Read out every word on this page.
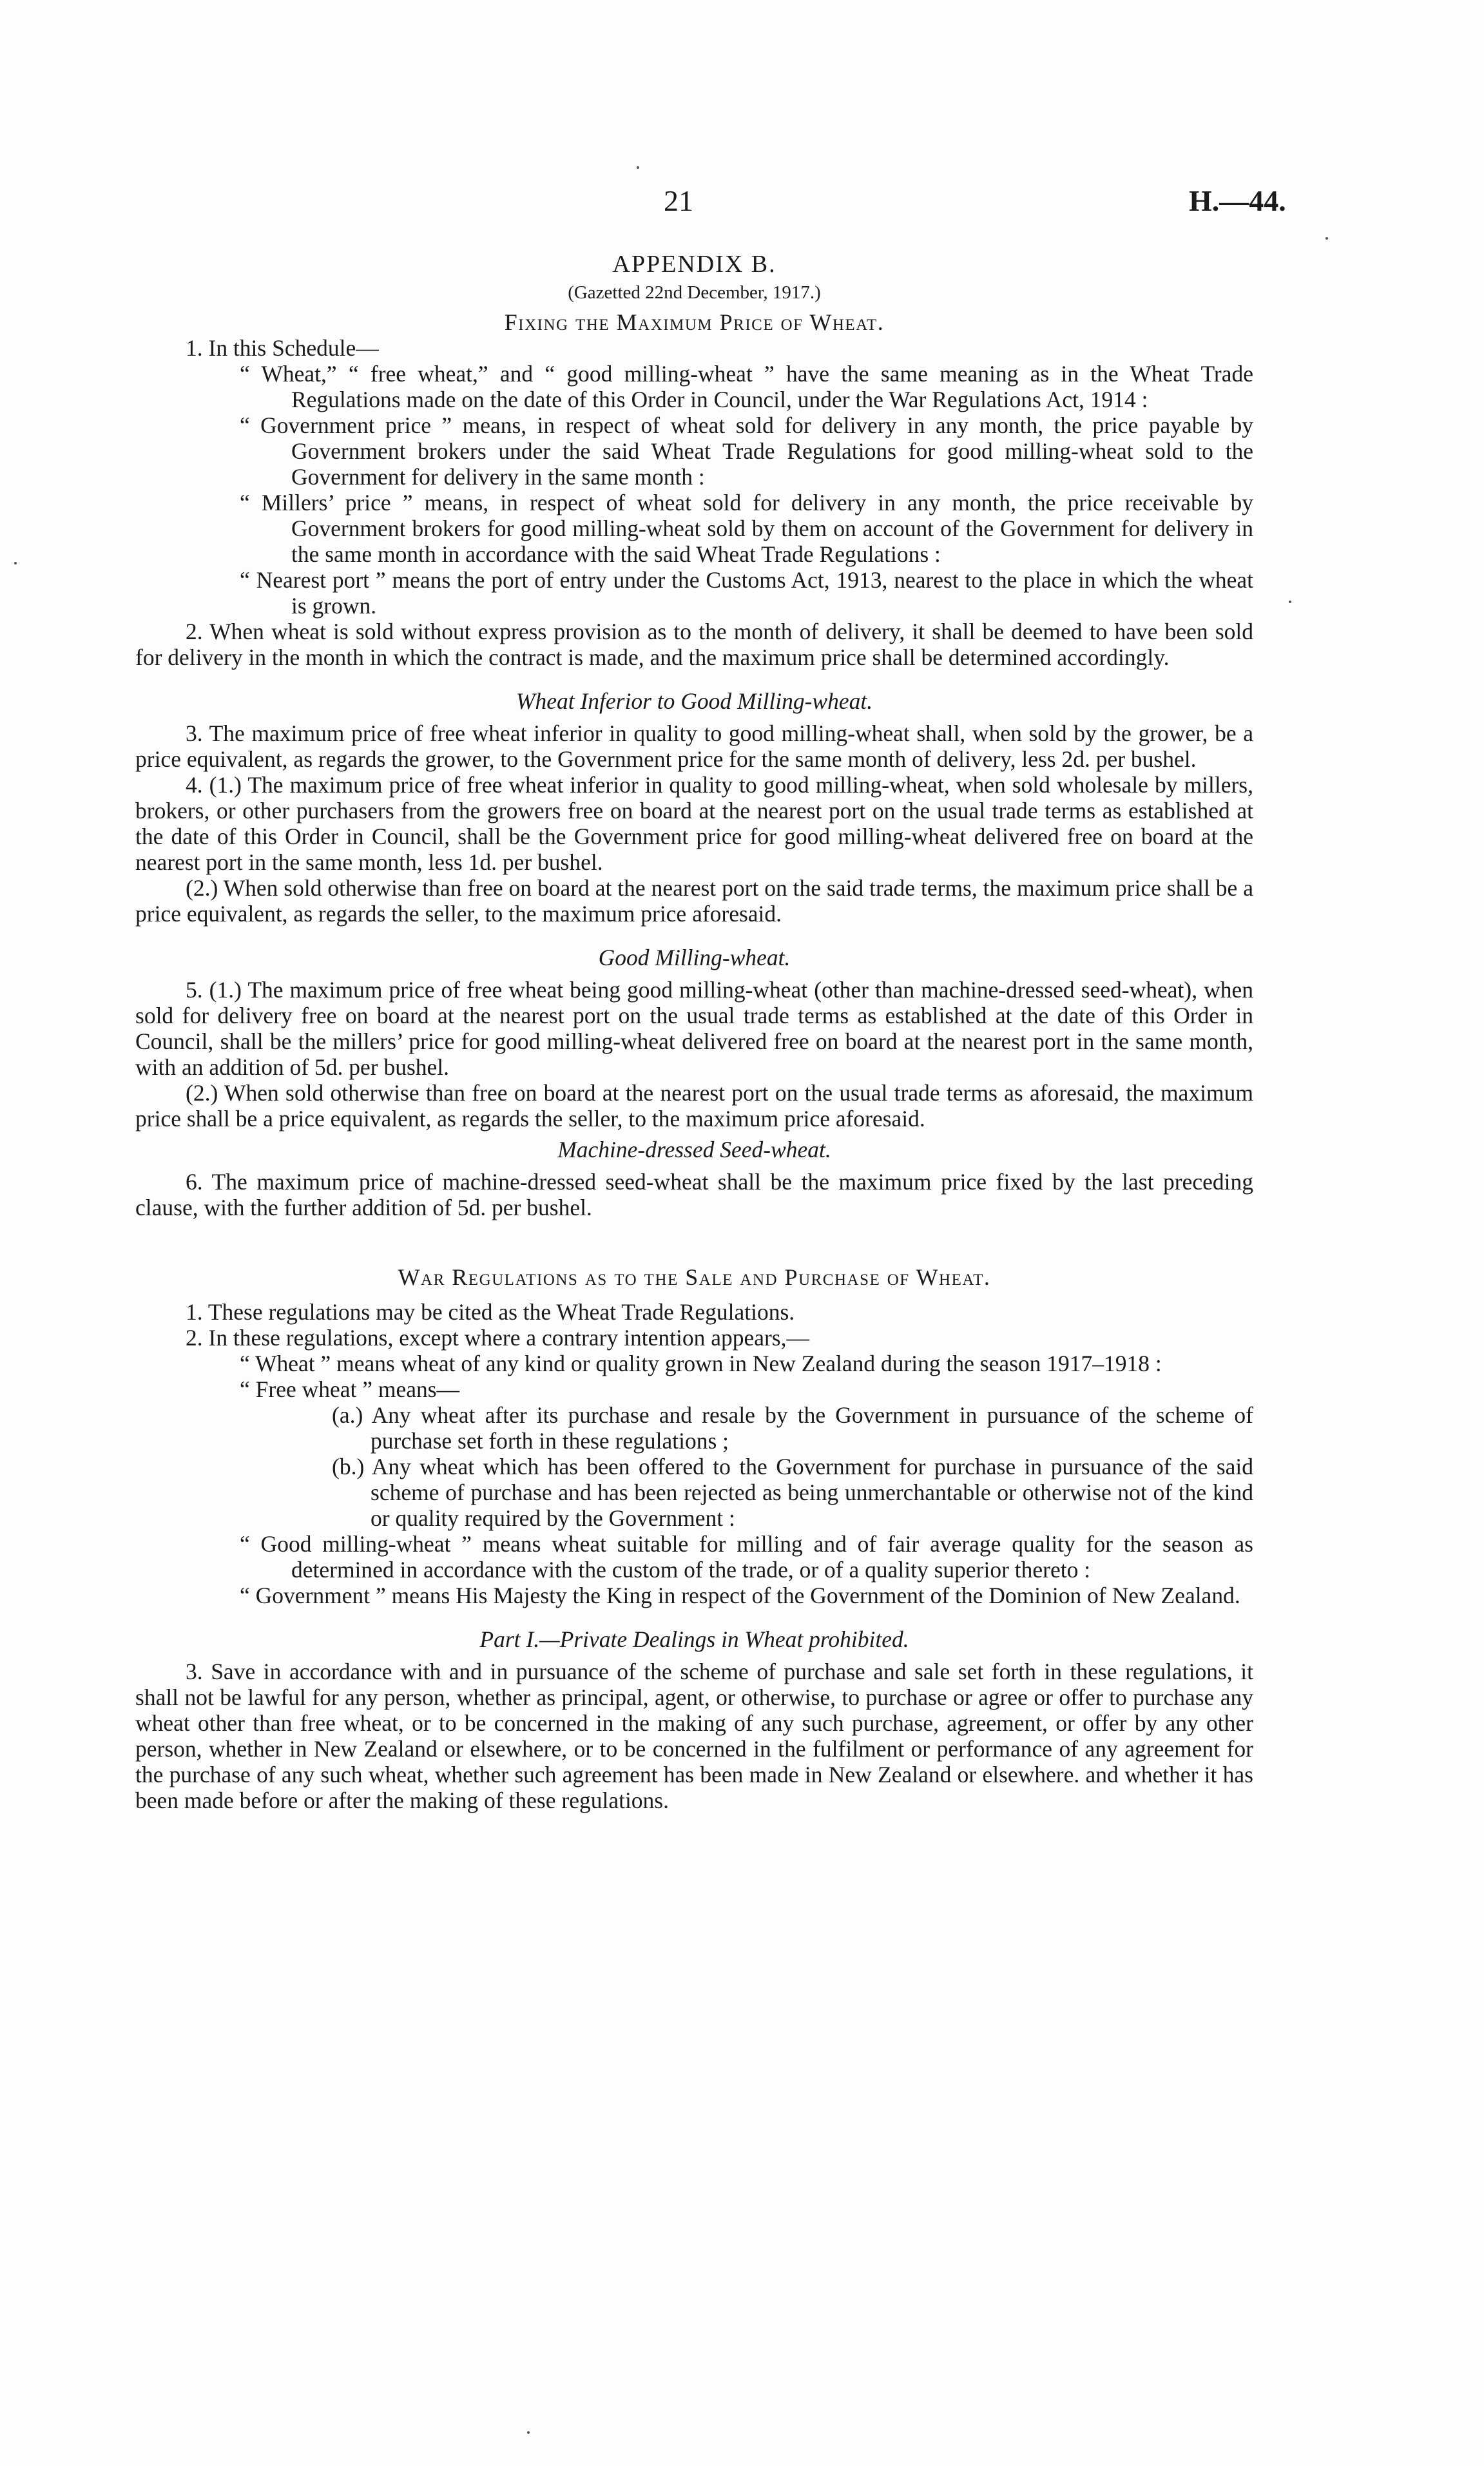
21	H.—44.

APPENDIX B.

(Gazetted 22nd December, 1917.)

Fixing the Maximum Price of Wheat.

1. In this Schedule—

“ Wheat,” “ free wheat,” and “ good milling-wheat ” have the same meaning as in the Wheat Trade Regulations made on the date of this Order in Council, under the War Regulations Act, 1914 :

“ Government price ” means, in respect of wheat sold for delivery in any month, the price payable by Government brokers under the said Wheat Trade Regulations for good milling-wheat sold to the Government for delivery in the same month :

“ Millers’ price ” means, in respect of wheat sold for delivery in any month, the price receivable by Government brokers for good milling-wheat sold by them on account of the Government for delivery in the same month in accordance with the said Wheat Trade Regulations :

“ Nearest port ” means the port of entry under the Customs Act, 1913, nearest to the place in which the wheat is grown.

2. When wheat is sold without express provision as to the month of delivery, it shall be deemed to have been sold for delivery in the month in which the contract is made, and the maximum price shall be determined accordingly.

Wheat Inferior to Good Milling-wheat.

3. The maximum price of free wheat inferior in quality to good milling-wheat shall, when sold by the grower, be a price equivalent, as regards the grower, to the Government price for the same month of delivery, less 2d. per bushel.

4. (1.) The maximum price of free wheat inferior in quality to good milling-wheat, when sold wholesale by millers, brokers, or other purchasers from the growers free on board at the nearest port on the usual trade terms as established at the date of this Order in Council, shall be the Government price for good milling-wheat delivered free on board at the nearest port in the same month, less 1d. per bushel.

(2.) When sold otherwise than free on board at the nearest port on the said trade terms, the maximum price shall be a price equivalent, as regards the seller, to the maximum price aforesaid.

Good Milling-wheat.

5. (1.) The maximum price of free wheat being good milling-wheat (other than machine-dressed seed-wheat), when sold for delivery free on board at the nearest port on the usual trade terms as established at the date of this Order in Council, shall be the millers’ price for good milling-wheat delivered free on board at the nearest port in the same month, with an addition of 5d. per bushel.

(2.) When sold otherwise than free on board at the nearest port on the usual trade terms as aforesaid, the maximum price shall be a price equivalent, as regards the seller, to the maximum price aforesaid.

Machine-dressed Seed-wheat.

6. The maximum price of machine-dressed seed-wheat shall be the maximum price fixed by the last preceding clause, with the further addition of 5d. per bushel.

War Regulations as to the Sale and Purchase of Wheat.

1. These regulations may be cited as the Wheat Trade Regulations.

2. In these regulations, except where a contrary intention appears,—

“ Wheat ” means wheat of any kind or quality grown in New Zealand during the season 1917–1918 :

“ Free wheat ” means—

(a.) Any wheat after its purchase and resale by the Government in pursuance of the scheme of purchase set forth in these regulations ;

(b.) Any wheat which has been offered to the Government for purchase in pursuance of the said scheme of purchase and has been rejected as being unmerchantable or otherwise not of the kind or quality required by the Government :

“ Good milling-wheat ” means wheat suitable for milling and of fair average quality for the season as determined in accordance with the custom of the trade, or of a quality superior thereto :

“ Government ” means His Majesty the King in respect of the Government of the Dominion of New Zealand.

Part I.—Private Dealings in Wheat prohibited.

3. Save in accordance with and in pursuance of the scheme of purchase and sale set forth in these regulations, it shall not be lawful for any person, whether as principal, agent, or otherwise, to purchase or agree or offer to purchase any wheat other than free wheat, or to be concerned in the making of any such purchase, agreement, or offer by any other person, whether in New Zealand or elsewhere, or to be concerned in the fulfilment or performance of any agreement for the purchase of any such wheat, whether such agreement has been made in New Zealand or elsewhere. and whether it has been made before or after the making of these regulations.
